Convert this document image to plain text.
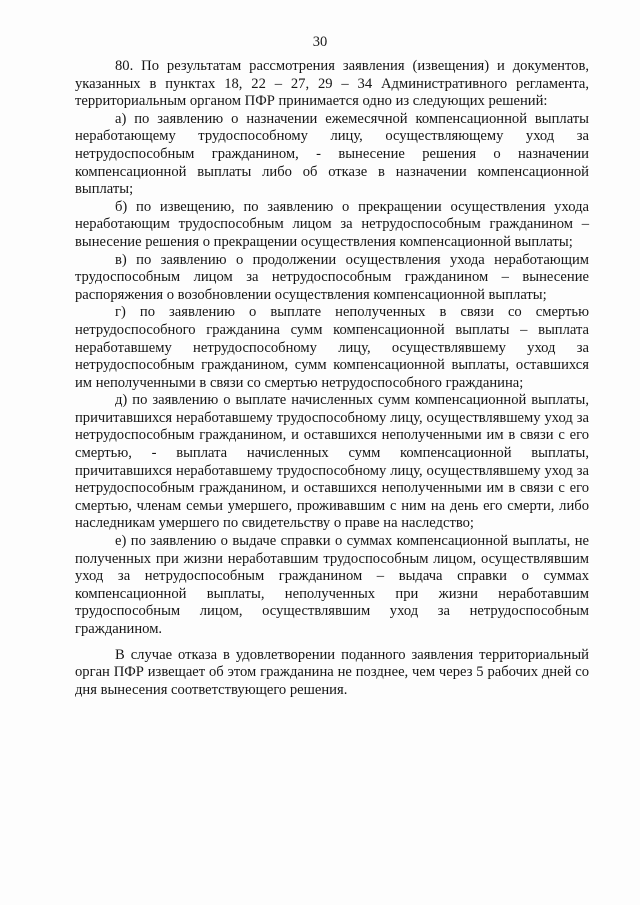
30

80. По результатам рассмотрения заявления (извещения) и документов, указанных в пунктах 18, 22 – 27, 29 – 34 Административного регламента, территориальным органом ПФР принимается одно из следующих решений:

а) по заявлению о назначении ежемесячной компенсационной выплаты неработающему трудоспособному лицу, осуществляющему уход за нетрудоспособным гражданином, - вынесение решения о назначении компенсационной выплаты либо об отказе в назначении компенсационной выплаты;

б) по извещению, по заявлению о прекращении осуществления ухода неработающим трудоспособным лицом за нетрудоспособным гражданином – вынесение решения о прекращении осуществления компенсационной выплаты;

в) по заявлению о продолжении осуществления ухода неработающим трудоспособным лицом за нетрудоспособным гражданином – вынесение распоряжения о возобновлении осуществления компенсационной выплаты;

г) по заявлению о выплате неполученных в связи со смертью нетрудоспособного гражданина сумм компенсационной выплаты – выплата неработавшему нетрудоспособному лицу, осуществлявшему уход за нетрудоспособным гражданином, сумм компенсационной выплаты, оставшихся им неполученными в связи со смертью нетрудоспособного гражданина;

д) по заявлению о выплате начисленных сумм компенсационной выплаты, причитавшихся неработавшему трудоспособному лицу, осуществлявшему уход за нетрудоспособным гражданином, и оставшихся неполученными им в связи с его смертью, - выплата начисленных сумм компенсационной выплаты, причитавшихся неработавшему трудоспособному лицу, осуществлявшему уход за нетрудоспособным гражданином, и оставшихся неполученными им в связи с его смертью, членам семьи умершего, проживавшим с ним на день его смерти, либо наследникам умершего по свидетельству о праве на наследство;

е) по заявлению о выдаче справки о суммах компенсационной выплаты, не полученных при жизни неработавшим трудоспособным лицом, осуществлявшим уход за нетрудоспособным гражданином – выдача справки о суммах компенсационной выплаты, неполученных при жизни неработавшим трудоспособным лицом, осуществлявшим уход за нетрудоспособным гражданином.

В случае отказа в удовлетворении поданного заявления территориальный орган ПФР извещает об этом гражданина не позднее, чем через 5 рабочих дней со дня вынесения соответствующего решения.
